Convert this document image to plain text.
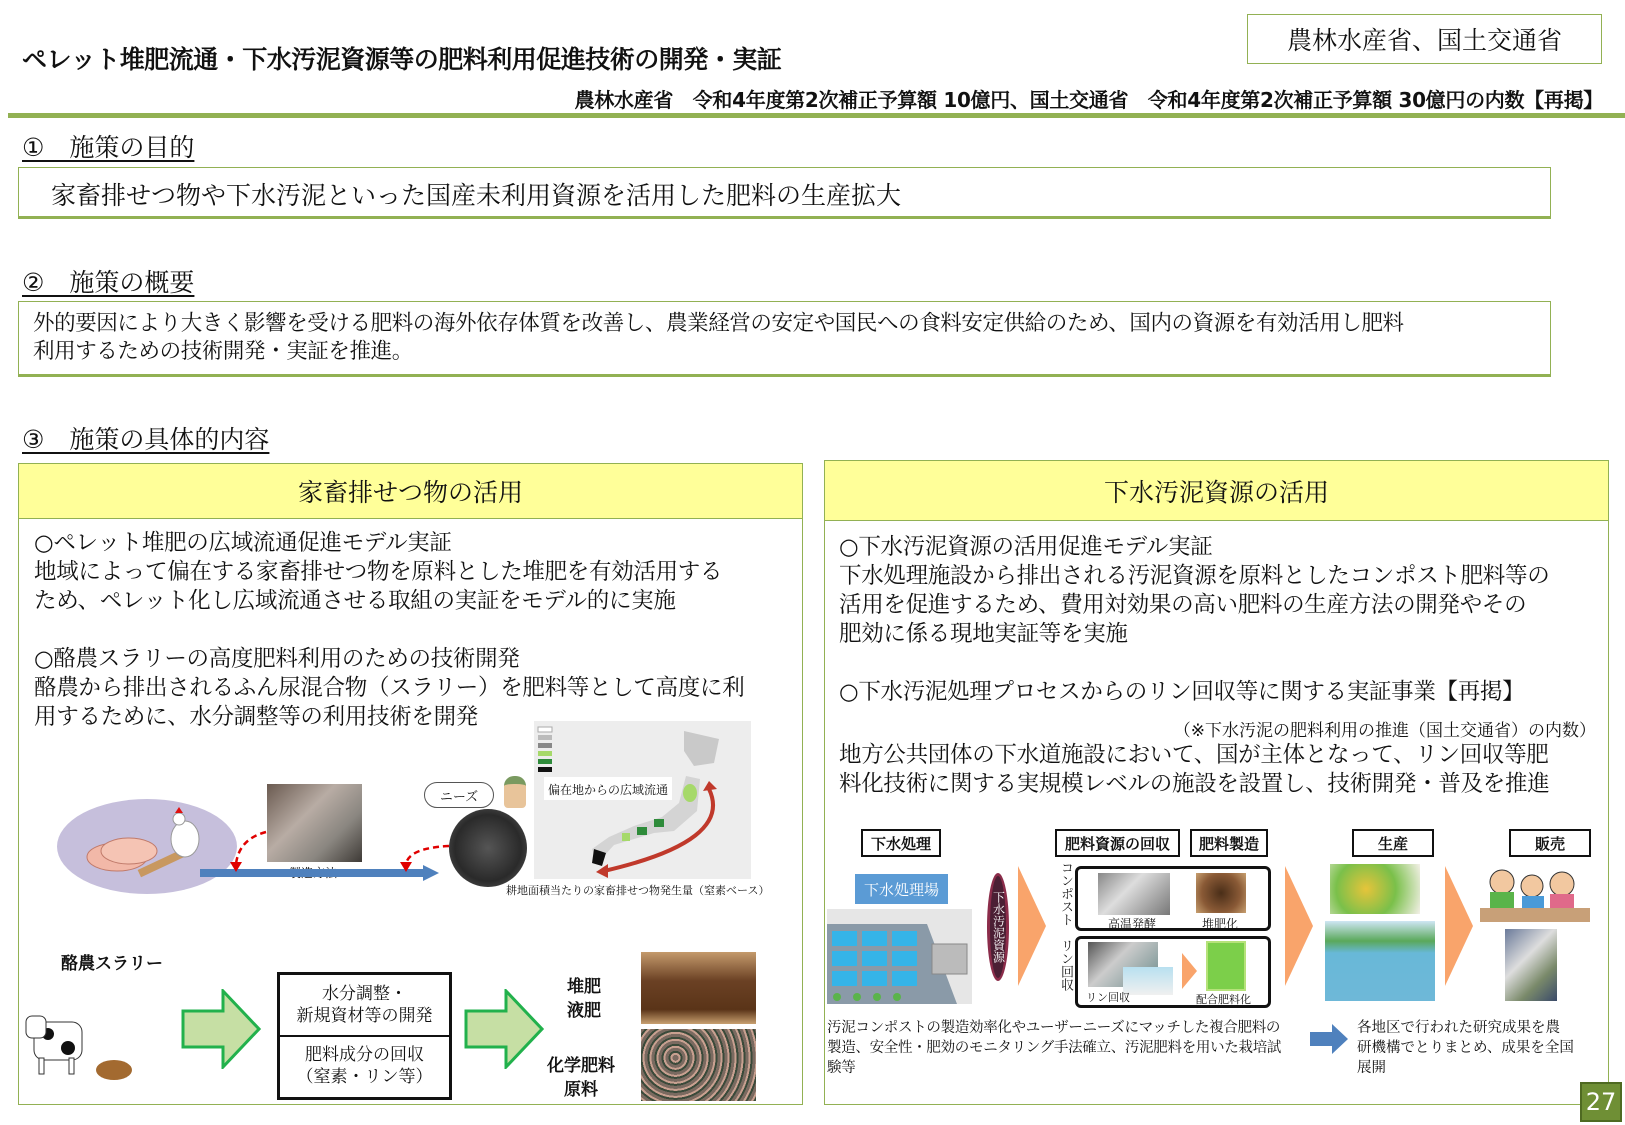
ペレット堆肥流通・下水汚泥資源等の肥料利用促進技術の開発・実証
農林水産省、国土交通省
農林水産省　令和4年度第2次補正予算額 10億円、国土交通省　令和4年度第2次補正予算額 30億円の内数【再掲】
①　施策の目的
家畜排せつ物や下水汚泥といった国産未利用資源を活用した肥料の生産拡大
②　施策の概要
外的要因により大きく影響を受ける肥料の海外依存体質を改善し、農業経営の安定や国民への食料安定供給のため、国内の資源を有効活用し肥料
利用するための技術開発・実証を推進。
③　施策の具体的内容
家畜排せつ物の活用
○ペレット堆肥の広域流通促進モデル実証
地域によって偏在する家畜排せつ物を原料とした堆肥を有効活用する
ため、ペレット化し広域流通させる取組の実証をモデル的に実施
○酪農スラリーの高度肥料利用のための技術開発
酪農から排出されるふん尿混合物（スラリー）を肥料等として高度に利
用するために、水分調整等の利用技術を開発
ニーズ	偏在地からの広域流通
耕地面積当たりの家畜排せつ物発生量（窒素ベース）
酪農スラリー
水分調整・
新規資材等の開発
肥料成分の回収
（窒素・リン等）
堆肥
液肥
化学肥料
原料
下水汚泥資源の活用
○下水汚泥資源の活用促進モデル実証
下水処理施設から排出される汚泥資源を原料としたコンポスト肥料等の
活用を促進するため、費用対効果の高い肥料の生産方法の開発やその
肥効に係る現地実証等を実施
○下水汚泥処理プロセスからのリン回収等に関する実証事業【再掲】
（※下水汚泥の肥料利用の推進（国土交通省）の内数）
地方公共団体の下水道施設において、国が主体となって、リン回収等肥
料化技術に関する実規模レベルの施設を設置し、技術開発・普及を推進
下水処理	肥料資源の回収 肥料製造	生産	販売
下水処理場
下水汚泥資源	コンポスト	高温発酵	堆肥化
リン回収
リン回収	配合肥料化
汚泥コンポストの製造効率化やユーザーニーズにマッチした複合肥料の
製造、安全性・肥効のモニタリング手法確立、汚泥肥料を用いた栽培試
験等
各地区で行われた研究成果を農
研機構でとりまとめ、成果を全国
展開
27
